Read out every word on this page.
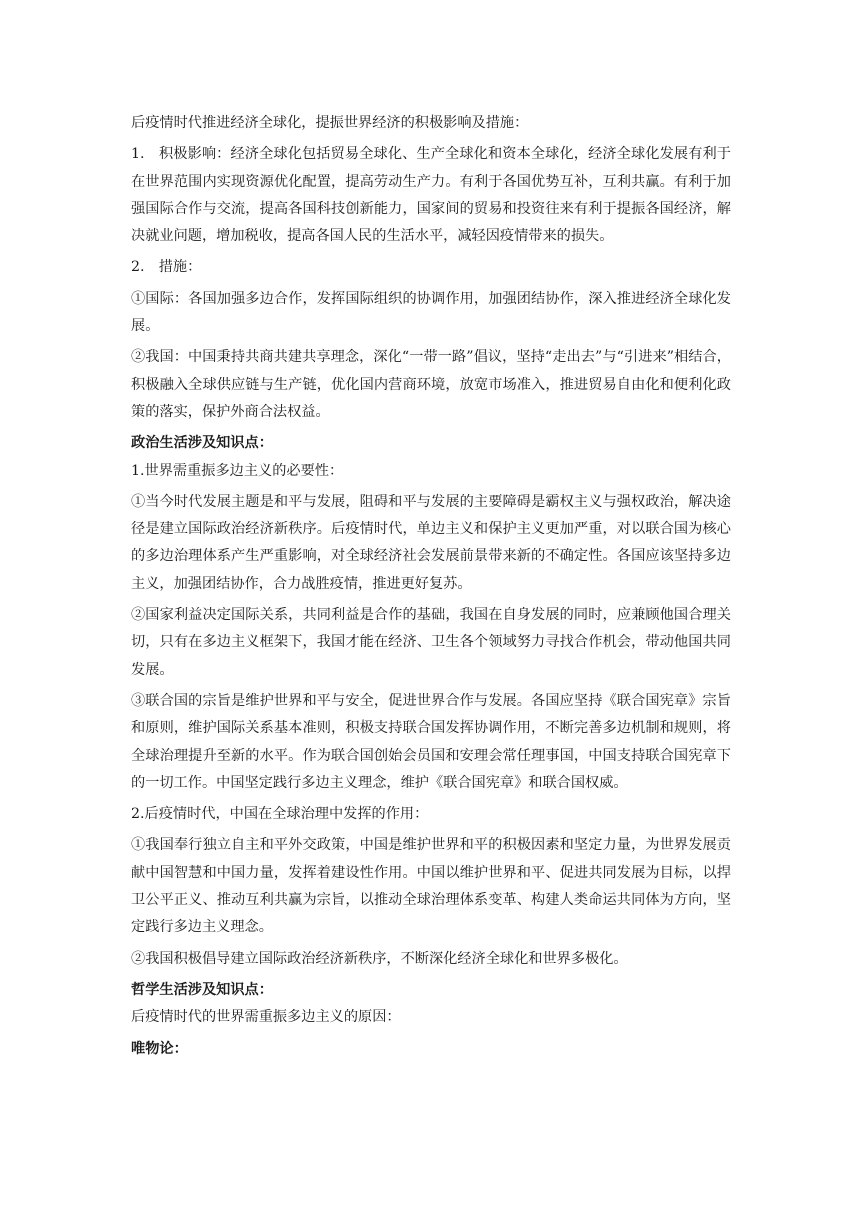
后疫情时代推进经济全球化，提振世界经济的积极影响及措施：

1.　积极影响：经济全球化包括贸易全球化、生产全球化和资本全球化，经济全球化发展有利于在世界范围内实现资源优化配置，提高劳动生产力。有利于各国优势互补，互利共赢。有利于加强国际合作与交流，提高各国科技创新能力，国家间的贸易和投资往来有利于提振各国经济，解决就业问题，增加税收，提高各国人民的生活水平，减轻因疫情带来的损失。

2.　措施：

①国际：各国加强多边合作，发挥国际组织的协调作用，加强团结协作，深入推进经济全球化发展。

②我国：中国秉持共商共建共享理念，深化“一带一路”倡议，坚持“走出去”与“引进来”相结合，积极融入全球供应链与生产链，优化国内营商环境，放宽市场准入，推进贸易自由化和便利化政策的落实，保护外商合法权益。

政治生活涉及知识点：

1.世界需重振多边主义的必要性：

①当今时代发展主题是和平与发展，阻碍和平与发展的主要障碍是霸权主义与强权政治，解决途径是建立国际政治经济新秩序。后疫情时代，单边主义和保护主义更加严重，对以联合国为核心的多边治理体系产生严重影响，对全球经济社会发展前景带来新的不确定性。各国应该坚持多边主义，加强团结协作，合力战胜疫情，推进更好复苏。

②国家利益决定国际关系，共同利益是合作的基础，我国在自身发展的同时，应兼顾他国合理关切，只有在多边主义框架下，我国才能在经济、卫生各个领域努力寻找合作机会，带动他国共同发展。

③联合国的宗旨是维护世界和平与安全，促进世界合作与发展。各国应坚持《联合国宪章》宗旨和原则，维护国际关系基本准则，积极支持联合国发挥协调作用，不断完善多边机制和规则，将全球治理提升至新的水平。作为联合国创始会员国和安理会常任理事国，中国支持联合国宪章下的一切工作。中国坚定践行多边主义理念，维护《联合国宪章》和联合国权威。

2.后疫情时代，中国在全球治理中发挥的作用：

①我国奉行独立自主和平外交政策，中国是维护世界和平的积极因素和坚定力量，为世界发展贡献中国智慧和中国力量，发挥着建设性作用。中国以维护世界和平、促进共同发展为目标，以捍卫公平正义、推动互利共赢为宗旨，以推动全球治理体系变革、构建人类命运共同体为方向，坚定践行多边主义理念。

②我国积极倡导建立国际政治经济新秩序，不断深化经济全球化和世界多极化。

哲学生活涉及知识点：

后疫情时代的世界需重振多边主义的原因：

唯物论：
